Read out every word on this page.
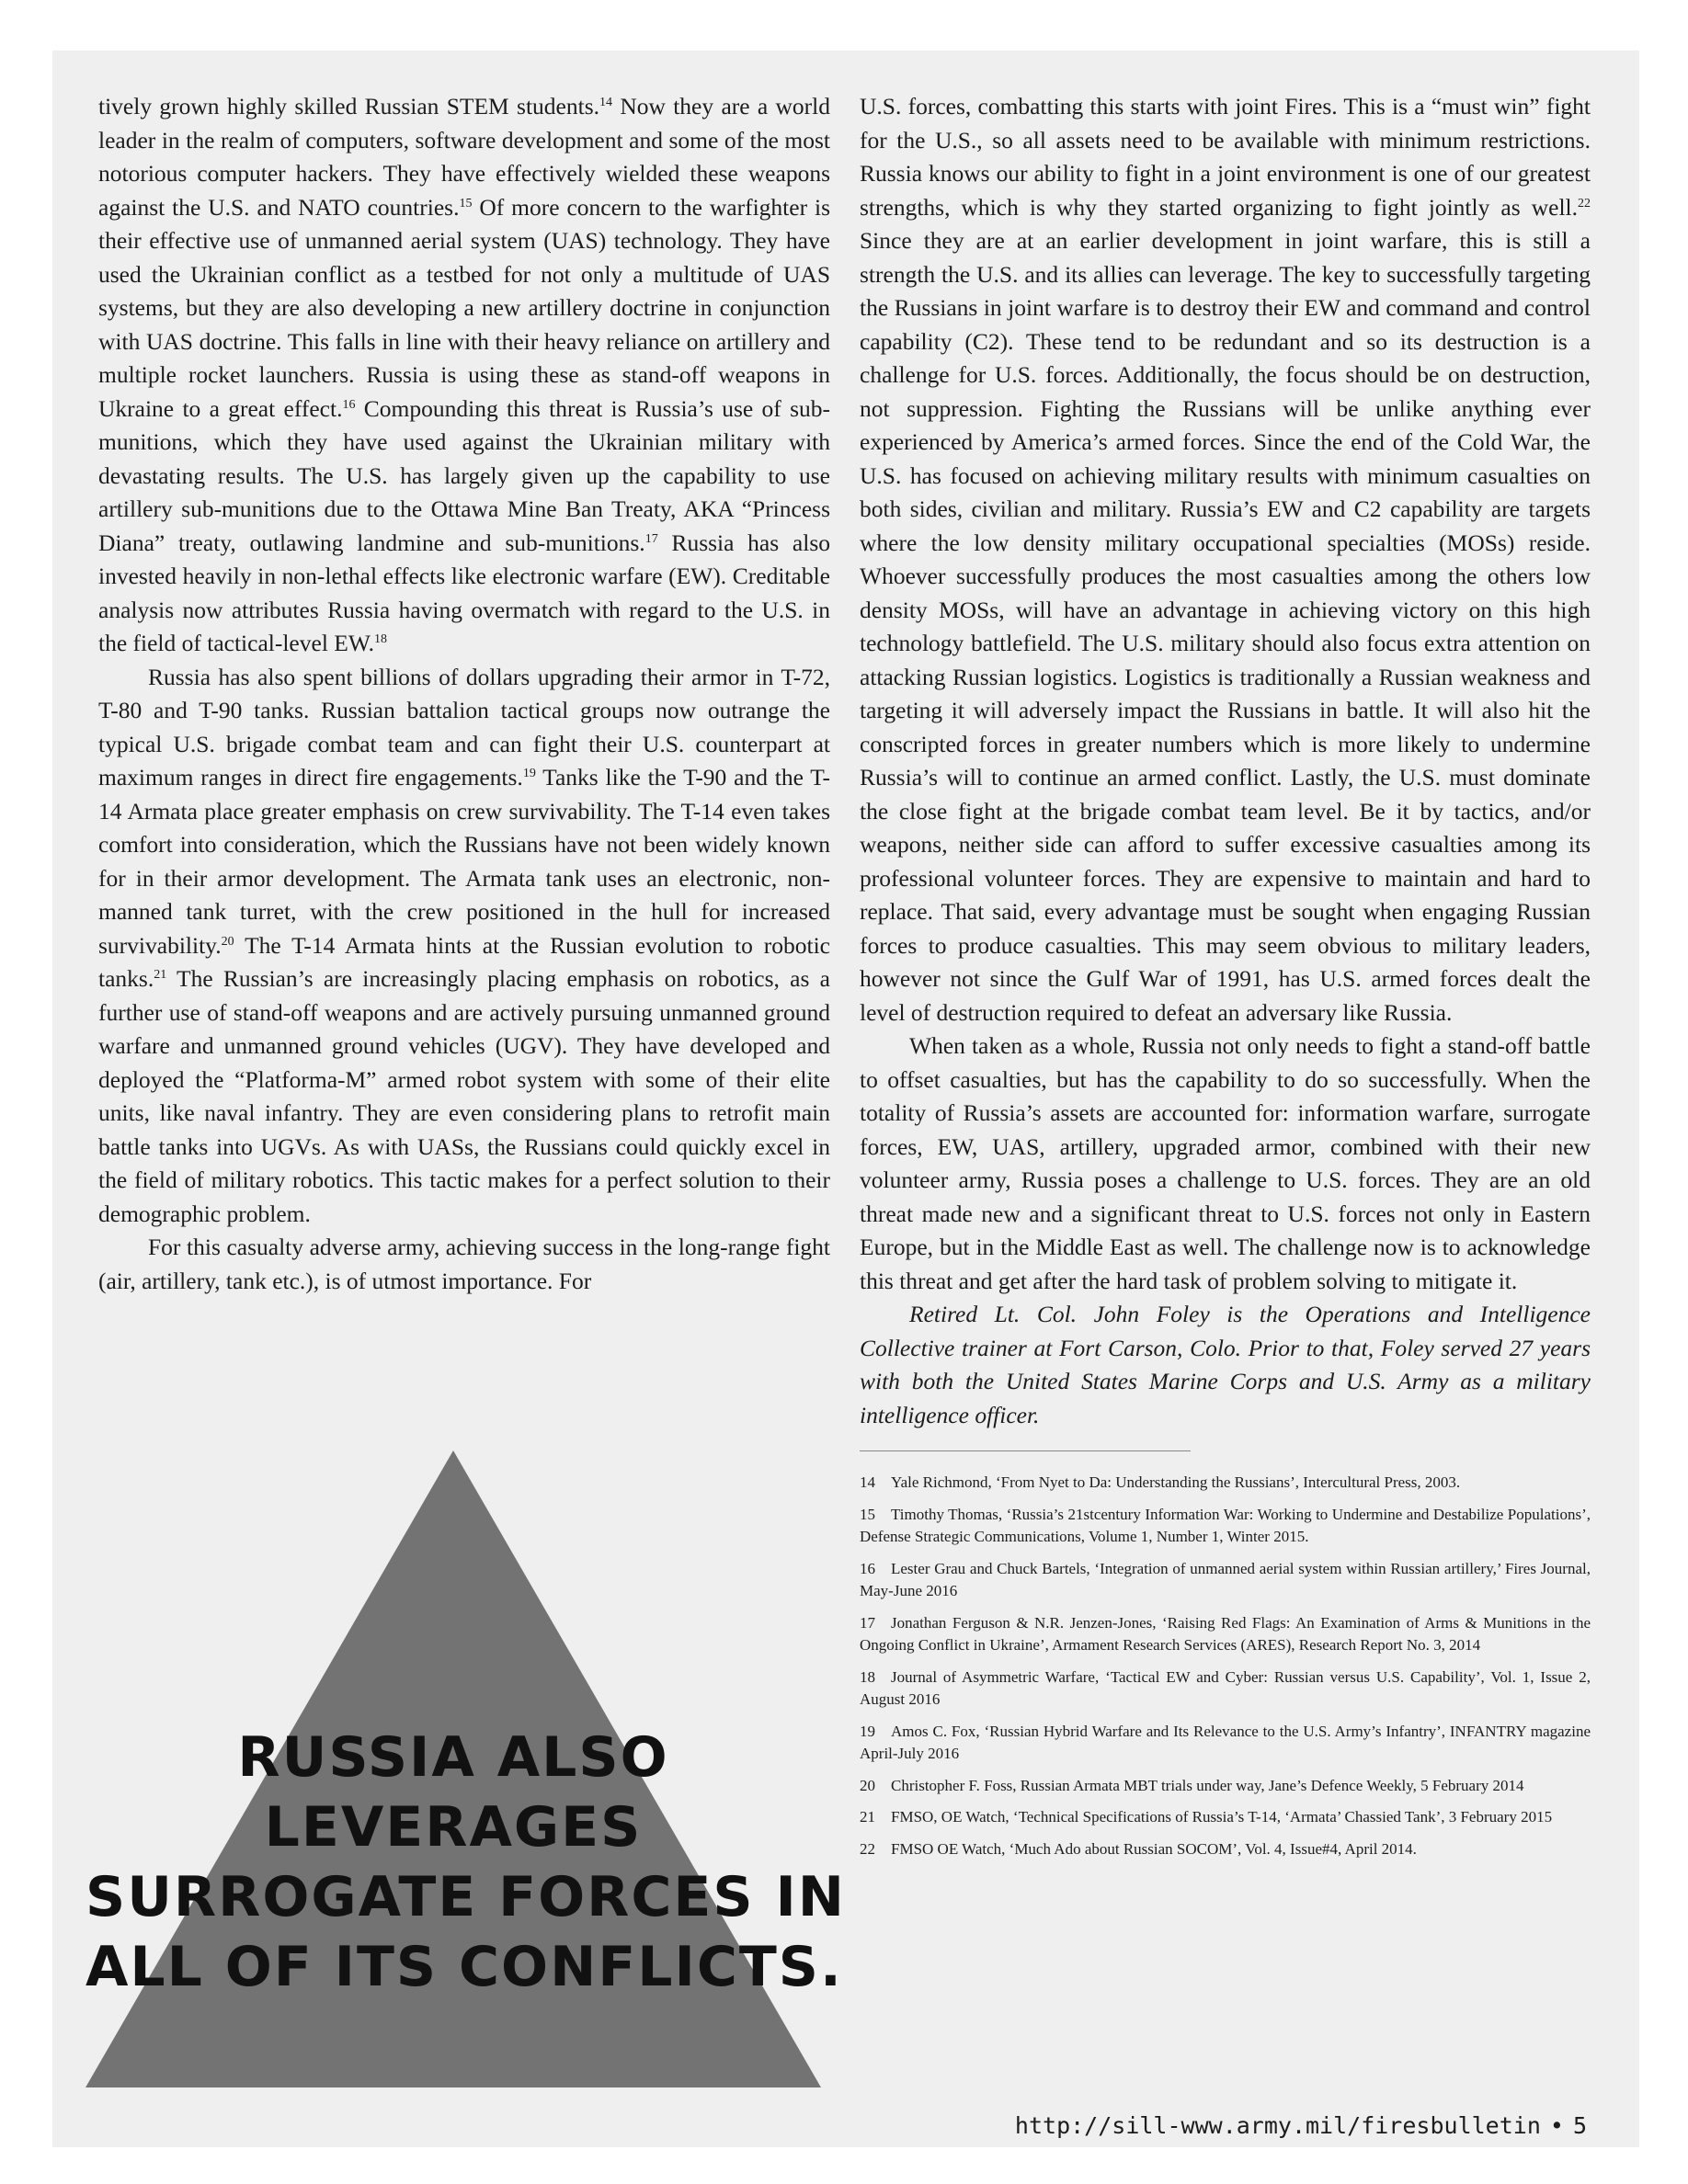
tively grown highly skilled Russian STEM students.$^{14}$ Now they are a world leader in the realm of computers, software development and some of the most notorious computer hackers. They have effectively wielded these weapons against the U.S. and NATO countries.$^{15}$ Of more concern to the warfighter is their effective use of unmanned aerial system (UAS) technology. They have used the Ukrainian conflict as a testbed for not only a multitude of UAS systems, but they are also developing a new artillery doctrine in conjunction with UAS doctrine. This falls in line with their heavy reliance on artillery and multiple rocket launchers. Russia is using these as stand-off weapons in Ukraine to a great effect.$^{16}$ Compounding this threat is Russia’s use of sub-munitions, which they have used against the Ukrainian military with devastating results. The U.S. has largely given up the capability to use artillery sub-munitions due to the Ottawa Mine Ban Treaty, AKA “Princess Diana” treaty, outlawing landmine and sub-munitions.$^{17}$ Russia has also invested heavily in non-lethal effects like electronic warfare (EW). Creditable analysis now attributes Russia having overmatch with regard to the U.S. in the field of tactical-level EW.$^{18}$

Russia has also spent billions of dollars upgrading their armor in T-72, T-80 and T-90 tanks. Russian battalion tactical groups now outrange the typical U.S. brigade combat team and can fight their U.S. counterpart at maximum ranges in direct fire engagements.$^{19}$ Tanks like the T-90 and the T-14 Armata place greater emphasis on crew survivability. The T-14 even takes comfort into consideration, which the Russians have not been widely known for in their armor development. The Armata tank uses an electronic, non-manned tank turret, with the crew positioned in the hull for increased survivability.$^{20}$ The T-14 Armata hints at the Russian evolution to robotic tanks.$^{21}$ The Russian’s are increasingly placing emphasis on robotics, as a further use of stand-off weapons and are actively pursuing unmanned ground warfare and unmanned ground vehicles (UGV). They have developed and deployed the “Platforma-M” armed robot system with some of their elite units, like naval infantry. They are even considering plans to retrofit main battle tanks into UGVs. As with UASs, the Russians could quickly excel in the field of military robotics. This tactic makes for a perfect solution to their demographic problem.

For this casualty adverse army, achieving success in the long-range fight (air, artillery, tank etc.), is of utmost importance. For

RUSSIA ALSO
LEVERAGES
SURROGATE FORCES IN
ALL OF ITS CONFLICTS.

U.S. forces, combatting this starts with joint Fires. This is a “must win” fight for the U.S., so all assets need to be available with minimum restrictions. Russia knows our ability to fight in a joint environment is one of our greatest strengths, which is why they started organizing to fight jointly as well.$^{22}$ Since they are at an earlier development in joint warfare, this is still a strength the U.S. and its allies can leverage. The key to successfully targeting the Russians in joint warfare is to destroy their EW and command and control capability (C2). These tend to be redundant and so its destruction is a challenge for U.S. forces. Additionally, the focus should be on destruction, not suppression. Fighting the Russians will be unlike anything ever experienced by America’s armed forces. Since the end of the Cold War, the U.S. has focused on achieving military results with minimum casualties on both sides, civilian and military. Russia’s EW and C2 capability are targets where the low density military occupational specialties (MOSs) reside. Whoever successfully produces the most casualties among the others low density MOSs, will have an advantage in achieving victory on this high technology battlefield. The U.S. military should also focus extra attention on attacking Russian logistics. Logistics is traditionally a Russian weakness and targeting it will adversely impact the Russians in battle. It will also hit the conscripted forces in greater numbers which is more likely to undermine Russia’s will to continue an armed conflict. Lastly, the U.S. must dominate the close fight at the brigade combat team level. Be it by tactics, and/or weapons, neither side can afford to suffer excessive casualties among its professional volunteer forces. They are expensive to maintain and hard to replace. That said, every advantage must be sought when engaging Russian forces to produce casualties. This may seem obvious to military leaders, however not since the Gulf War of 1991, has U.S. armed forces dealt the level of destruction required to defeat an adversary like Russia.

When taken as a whole, Russia not only needs to fight a stand-off battle to offset casualties, but has the capability to do so successfully. When the totality of Russia’s assets are accounted for: information warfare, surrogate forces, EW, UAS, artillery, upgraded armor, combined with their new volunteer army, Russia poses a challenge to U.S. forces. They are an old threat made new and a significant threat to U.S. forces not only in Eastern Europe, but in the Middle East as well. The challenge now is to acknowledge this threat and get after the hard task of problem solving to mitigate it.

Retired Lt. Col. John Foley is the Operations and Intelligence Collective trainer at Fort Carson, Colo. Prior to that, Foley served 27 years with both the United States Marine Corps and U.S. Army as a military intelligence officer.

14 Yale Richmond, ‘From Nyet to Da: Understanding the Russians’, Intercultural Press, 2003.

15 Timothy Thomas, ‘Russia’s 21stcentury Information War: Working to Undermine and Destabilize Populations’, Defense Strategic Communications, Volume 1, Number 1, Winter 2015.

16 Lester Grau and Chuck Bartels, ‘Integration of unmanned aerial system within Russian artillery,’ Fires Journal, May-June 2016

17 Jonathan Ferguson & N.R. Jenzen-Jones, ‘Raising Red Flags: An Examination of Arms & Munitions in the Ongoing Conflict in Ukraine’, Armament Research Services (ARES), Research Report No. 3, 2014

18 Journal of Asymmetric Warfare, ‘Tactical EW and Cyber: Russian versus U.S. Capability’, Vol. 1, Issue 2, August 2016

19 Amos C. Fox, ‘Russian Hybrid Warfare and Its Relevance to the U.S. Army’s Infantry’, INFANTRY magazine April-July 2016

20 Christopher F. Foss, Russian Armata MBT trials under way, Jane’s Defence Weekly, 5 February 2014

21 FMSO, OE Watch, ‘Technical Specifications of Russia’s T-14, ‘Armata’ Chassied Tank’, 3 February 2015

22 FMSO OE Watch, ‘Much Ado about Russian SOCOM’, Vol. 4, Issue#4, April 2014.

http://sill-www.army.mil/firesbulletin • 5
